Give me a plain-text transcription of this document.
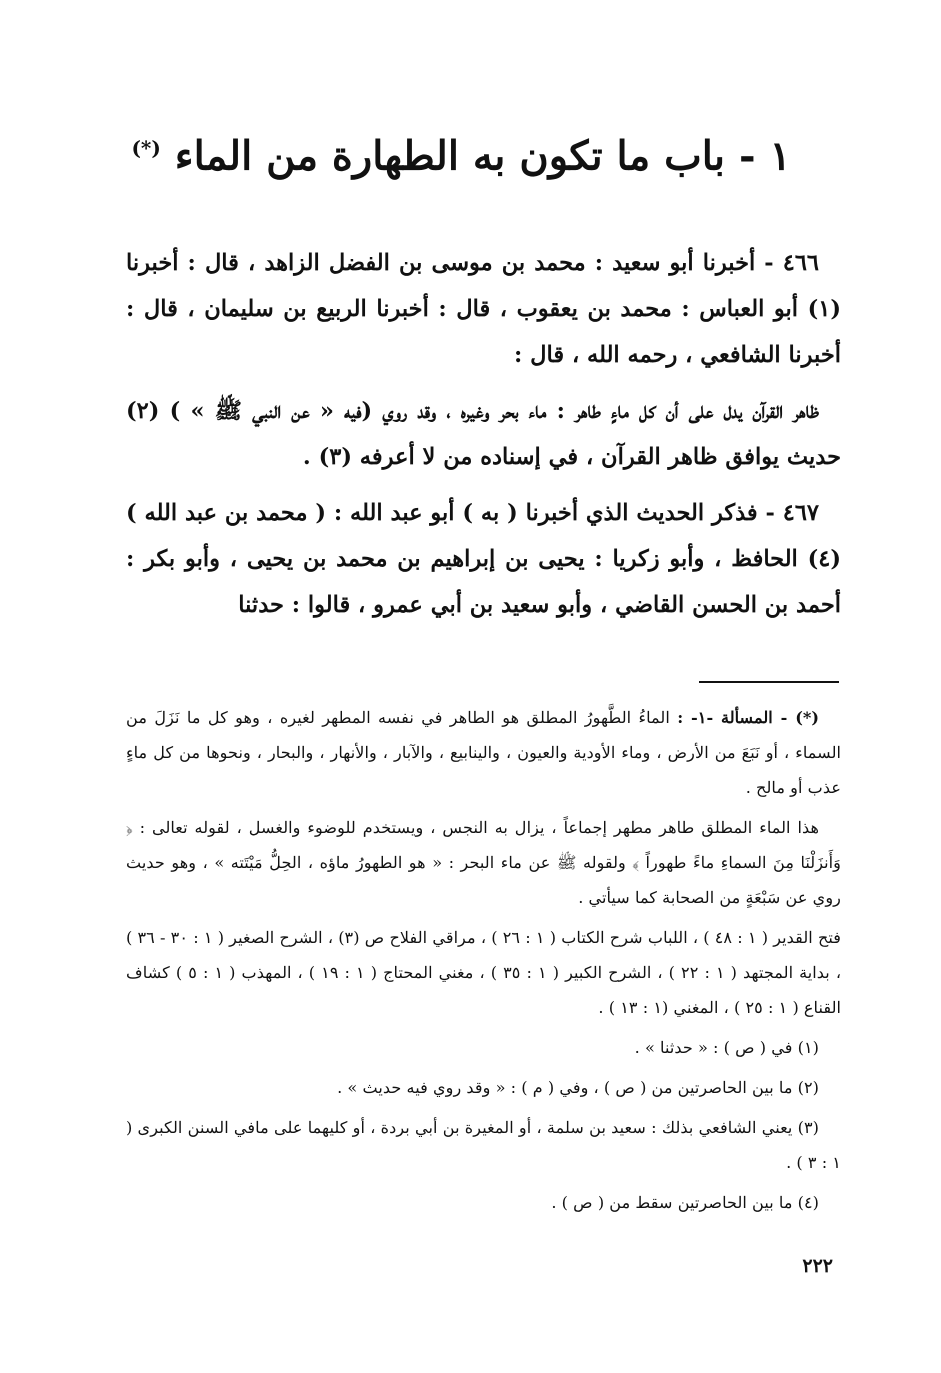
١ - باب ما تكون به الطهارة من الماء (*)

٤٦٦ - أخبرنا أبو سعيد : محمد بن موسى بن الفضل الزاهد ، قال : أخبرنا (١) أبو العباس : محمد بن يعقوب ، قال : أخبرنا الربيع بن سليمان ، قال : أخبرنا الشافعي ، رحمه الله ، قال :

ظاهر القرآن يدل على أن كل ماءٍ طاهر : ماء بحر وغيره ، وقد روي (فيه « عن النبي ﷺ » ) (٢) حديث يوافق ظاهر القرآن ، في إسناده من لا أعرفه (٣) .

٤٦٧ - فذكر الحديث الذي أخبرنا ( به ) أبو عبد الله : ( محمد بن عبد الله ) (٤) الحافظ ، وأبو زكريا : يحيى بن إبراهيم بن محمد بن يحيى ، وأبو بكر : أحمد بن الحسن القاضي ، وأبو سعيد بن أبي عمرو ، قالوا : حدثنا

(*) - المسألة -١- : الماءُ الطَّهورُ المطلق هو الطاهر في نفسه المطهر لغيره ، وهو كل ما نَزَلَ من السماء ، أو نَبَعَ من الأرض ، وماء الأودية والعيون ، والينابيع ، والآبار ، والأنهار ، والبحار ، ونحوها من كل ماءٍ عذب أو مالح .

هذا الماء المطلق طاهر مطهر إجماعاً ، يزال به النجس ، ويستخدم للوضوء والغسل ، لقوله تعالى : ﴿ وَأَنزَلْنَا مِنَ السماءِ ماءً طهوراً ﴾ ولقوله ﷺ عن ماء البحر : « هو الطهورُ ماؤه ، الحِلُّ مَيْتَته » ، وهو حديث روي عن سَبْعَةٍ من الصحابة كما سيأتي .

فتح القدير ( ١ : ٤٨ ) ، اللباب شرح الكتاب ( ١ : ٢٦ ) ، مراقي الفلاح ص (٣) ، الشرح الصغير ( ١ : ٣٠ - ٣٦ ) ، بداية المجتهد ( ١ : ٢٢ ) ، الشرح الكبير ( ١ : ٣٥ ) ، مغني المحتاج ( ١ : ١٩ ) ، المهذب ( ١ : ٥ ) كشاف القناع ( ١ : ٢٥ ) ، المغني (١ : ١٣ ) .

(١) في ( ص ) : « حدثنا » .

(٢) ما بين الحاصرتين من ( ص ) ، وفي ( م ) : « وقد روي فيه حديث » .

(٣) يعني الشافعي بذلك : سعيد بن سلمة ، أو المغيرة بن أبي بردة ، أو كليهما على مافي السنن الكبرى ( ١ : ٣ ) .

(٤) ما بين الحاصرتين سقط من ( ص ) .

٢٢٢
